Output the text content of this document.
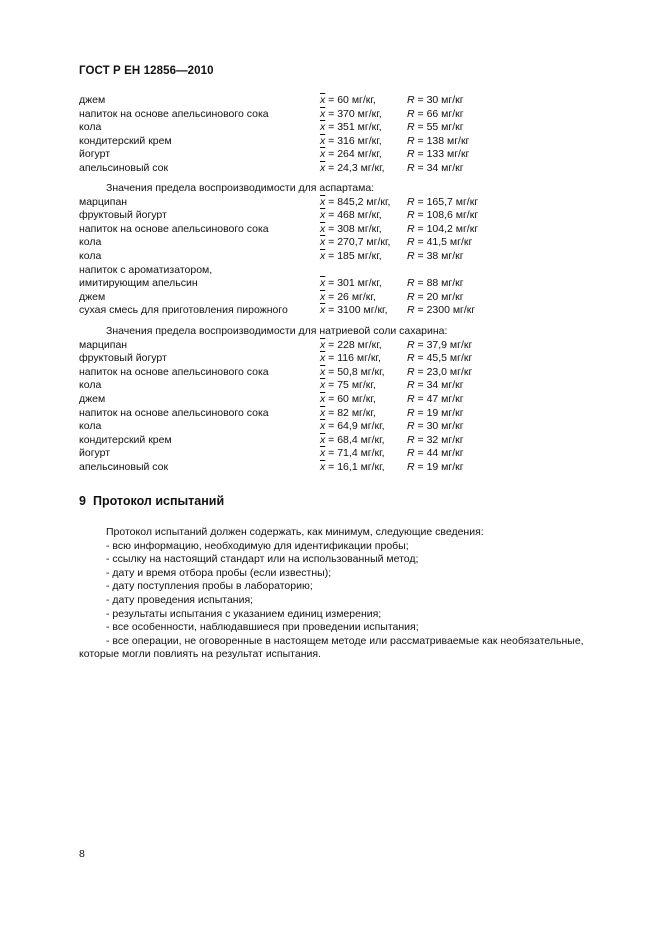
ГОСТ Р ЕН 12856—2010
джем	$\overline{x} = 60$ мг/кг,	R = 30 мг/кг
напиток на основе апельсинового сока	$\overline{x} = 370$ мг/кг, R = 66 мг/кг
кола	$\overline{x} = 351$ мг/кг, R = 55 мг/кг
кондитерский крем	$\overline{x} = 316$ мг/кг, R = 138 мг/кг
йогурт	$\overline{x} = 264$ мг/кг, R = 133 мг/кг
апельсиновый сок	$\overline{x} = 24,3$ мг/кг, R = 34 мг/кг
Значения предела воспроизводимости для аспартама:
марципан	$\overline{x} = 845,2$ мг/кг, R = 165,7 мг/кг
фруктовый йогурт	$\overline{x} = 468$ мг/кг, R = 108,6 мг/кг
напиток на основе апельсинового сока	$\overline{x} = 308$ мг/кг, R = 104,2 мг/кг
кола	$\overline{x} = 270,7$ мг/кг, R = 41,5 мг/кг
кола	$\overline{x} = 185$ мг/кг, R = 38 мг/кг
напиток с ароматизатором,
имитирующим апельсин	$\overline{x} = 301$ мг/кг, R = 88 мг/кг
джем	$\overline{x} = 26$ мг/кг,	R = 20 мг/кг
сухая смесь для приготовления пирожного	$\overline{x} = 3100$ мг/кг, R = 2300 мг/кг
Значения предела воспроизводимости для натриевой соли сахарина:
марципан	$\overline{x} = 228$ мг/кг, R = 37,9 мг/кг
фруктовый йогурт	$\overline{x} = 116$ мг/кг, R = 45,5 мг/кг
напиток на основе апельсинового сока	$\overline{x} = 50,8$ мг/кг, R = 23,0 мг/кг
кола	$\overline{x} = 75$ мг/кг,	R = 34 мг/кг
джем	$\overline{x} = 60$ мг/кг,	R = 47 мг/кг
напиток на основе апельсинового сока	$\overline{x} = 82$ мг/кг,	R = 19 мг/кг
кола	$\overline{x} = 64,9$ мг/кг, R = 30 мг/кг
кондитерский крем	$\overline{x} = 68,4$ мг/кг, R = 32 мг/кг
йогурт	$\overline{x} = 71,4$ мг/кг, R = 44 мг/кг
апельсиновый сок	$\overline{x} = 16,1$ мг/кг, R = 19 мг/кг
9 Протокол испытаний
Протокол испытаний должен содержать, как минимум, следующие сведения:
- всю информацию, необходимую для идентификации пробы;
- ссылку на настоящий стандарт или на использованный метод;
- дату и время отбора пробы (если известны);
- дату поступления пробы в лабораторию;
- дату проведения испытания;
- результаты испытания с указанием единиц измерения;
- все особенности, наблюдавшиеся при проведении испытания;
- все операции, не оговоренные в настоящем методе или рассматриваемые как необязательные,
которые могли повлиять на результат испытания.
8
